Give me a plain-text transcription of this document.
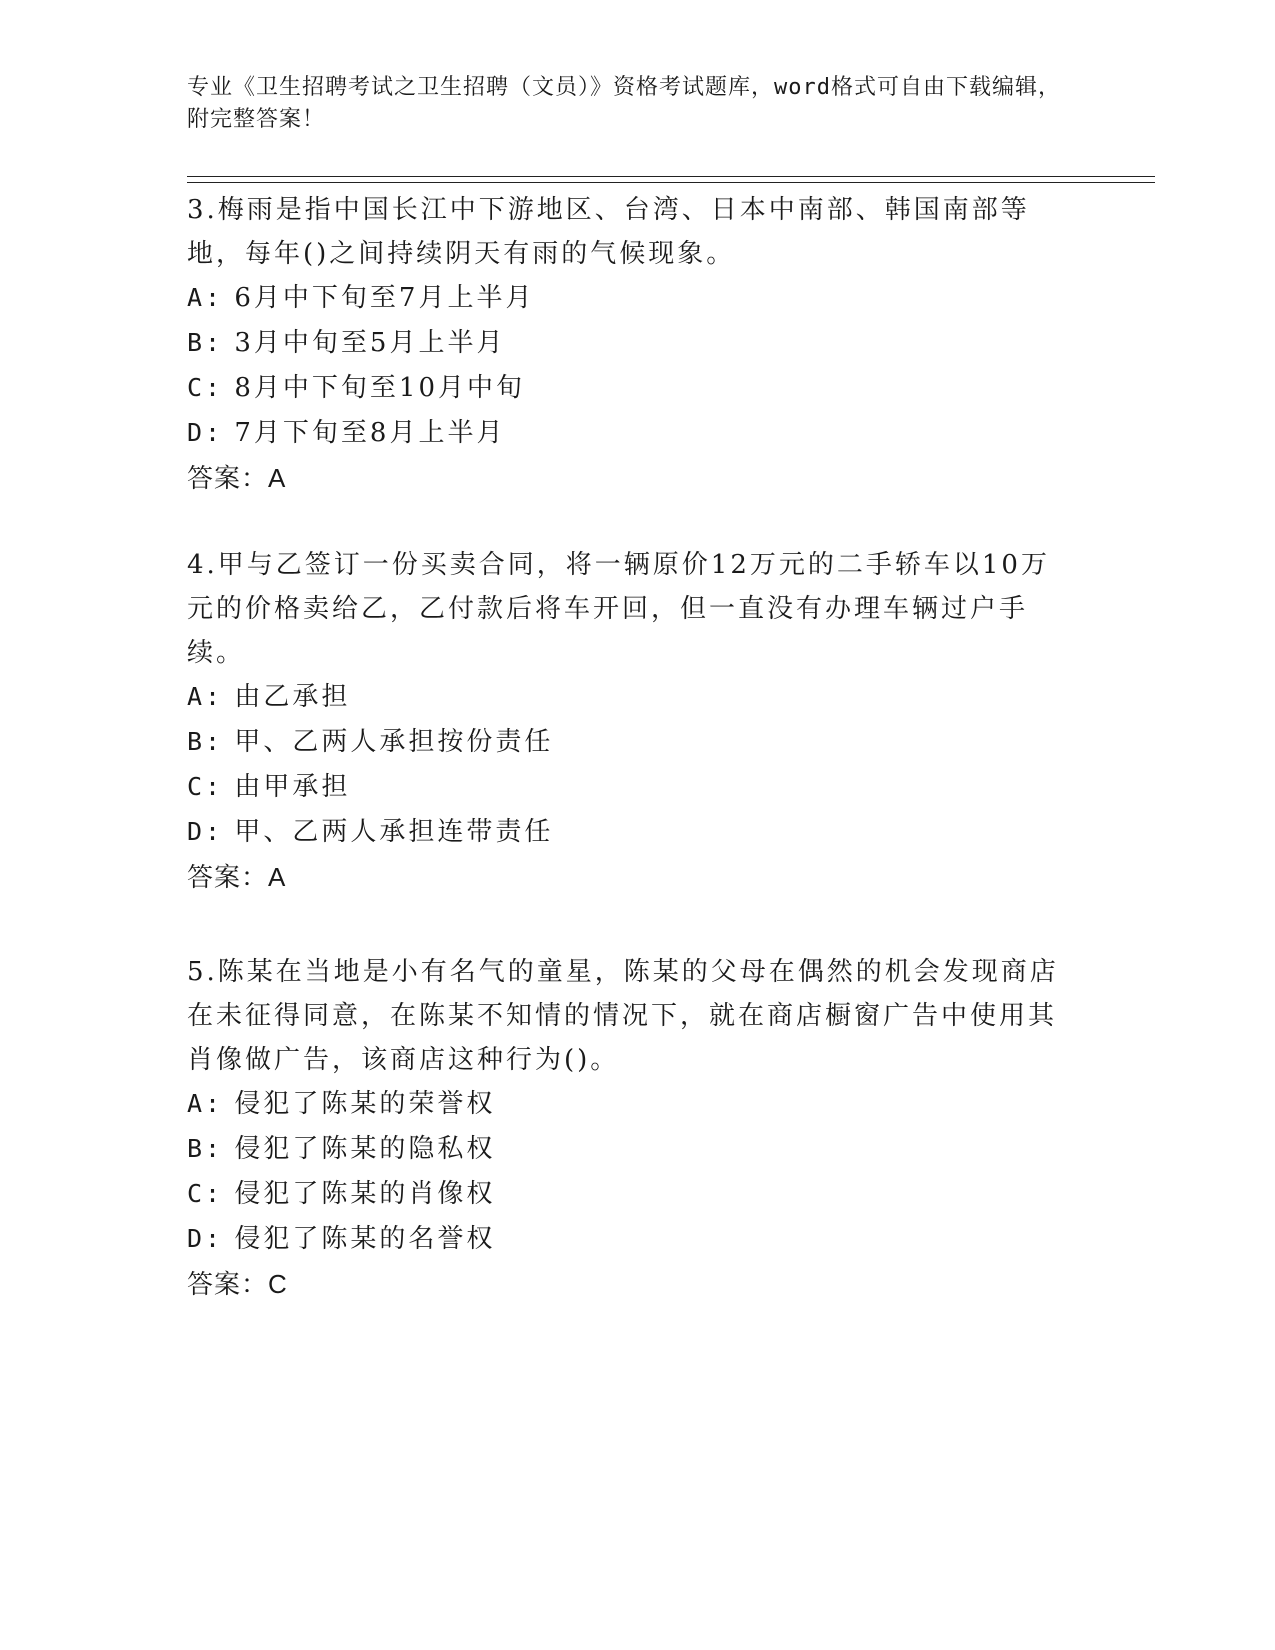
专业《卫生招聘考试之卫生招聘（文员）》资格考试题库，word格式可自由下载编辑，附完整答案！

3.梅雨是指中国长江中下游地区、台湾、日本中南部、韩国南部等地，每年()之间持续阴天有雨的气候现象。

A: 6月中下旬至7月上半月
B: 3月中旬至5月上半月
C: 8月中下旬至10月中旬
D: 7月下旬至8月上半月
答案：A

4.甲与乙签订一份买卖合同，将一辆原价12万元的二手轿车以10万元的价格卖给乙，乙付款后将车开回，但一直没有办理车辆过户手续。

A: 由乙承担
B: 甲、乙两人承担按份责任
C: 由甲承担
D: 甲、乙两人承担连带责任
答案：A

5.陈某在当地是小有名气的童星，陈某的父母在偶然的机会发现商店在未征得同意，在陈某不知情的情况下，就在商店橱窗广告中使用其肖像做广告，该商店这种行为()。

A: 侵犯了陈某的荣誉权
B: 侵犯了陈某的隐私权
C: 侵犯了陈某的肖像权
D: 侵犯了陈某的名誉权
答案：C
